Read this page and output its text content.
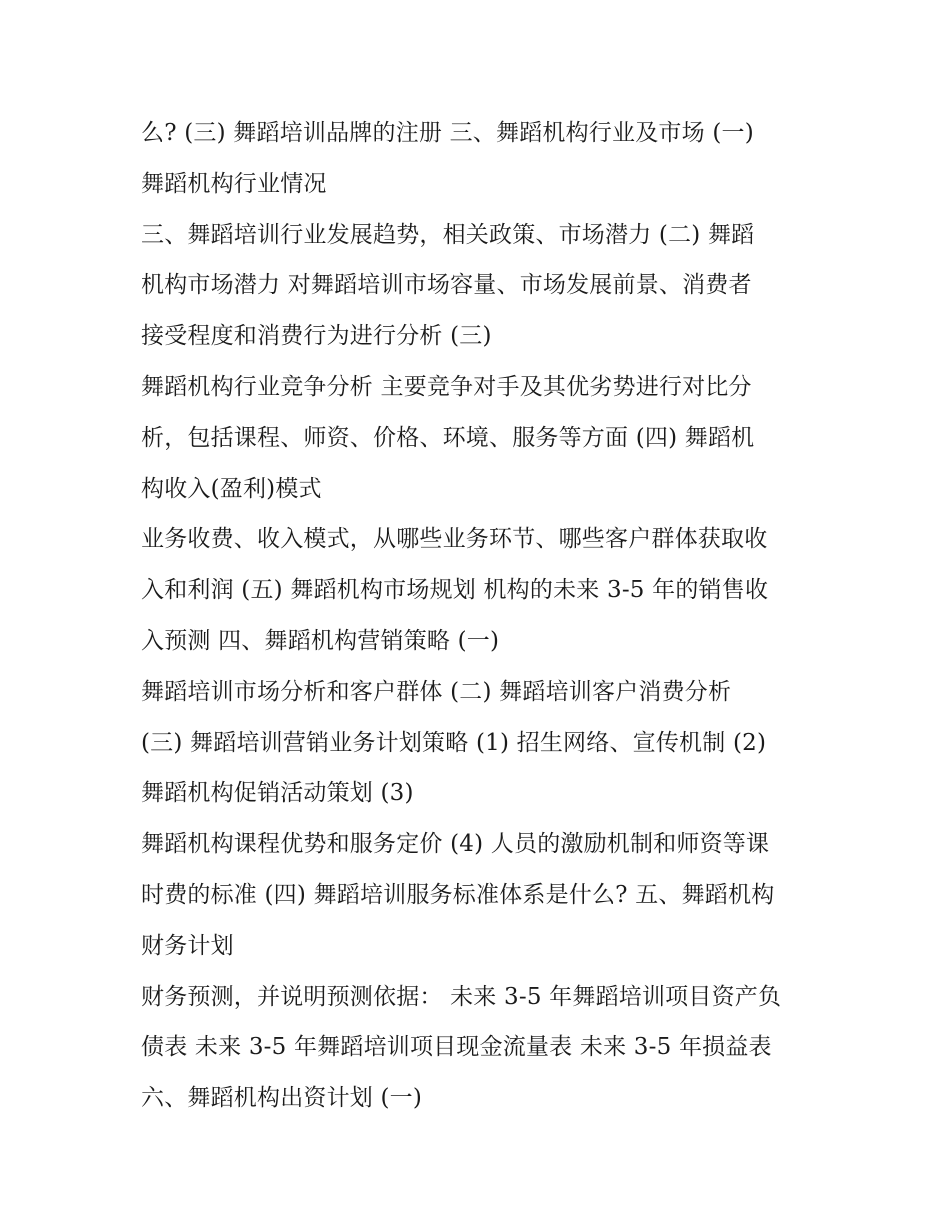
么? (三) 舞蹈培训品牌的注册 三、舞蹈机构行业及市场 (一)
舞蹈机构行业情况
三、舞蹈培训行业发展趋势，相关政策、市场潜力 (二) 舞蹈
机构市场潜力 对舞蹈培训市场容量、市场发展前景、消费者
接受程度和消费行为进行分析 (三)
舞蹈机构行业竞争分析 主要竞争对手及其优劣势进行对比分
析，包括课程、师资、价格、环境、服务等方面 (四) 舞蹈机
构收入(盈利)模式
业务收费、收入模式，从哪些业务环节、哪些客户群体获取收
入和利润 (五) 舞蹈机构市场规划 机构的未来 3-5 年的销售收
入预测 四、舞蹈机构营销策略 (一)
舞蹈培训市场分析和客户群体 (二) 舞蹈培训客户消费分析
(三) 舞蹈培训营销业务计划策略 (1) 招生网络、宣传机制 (2)
舞蹈机构促销活动策划 (3)
舞蹈机构课程优势和服务定价 (4) 人员的激励机制和师资等课
时费的标准 (四) 舞蹈培训服务标准体系是什么? 五、舞蹈机构
财务计划
财务预测，并说明预测依据： 未来 3-5 年舞蹈培训项目资产负
债表 未来 3-5 年舞蹈培训项目现金流量表 未来 3-5 年损益表
六、舞蹈机构出资计划 (一)
